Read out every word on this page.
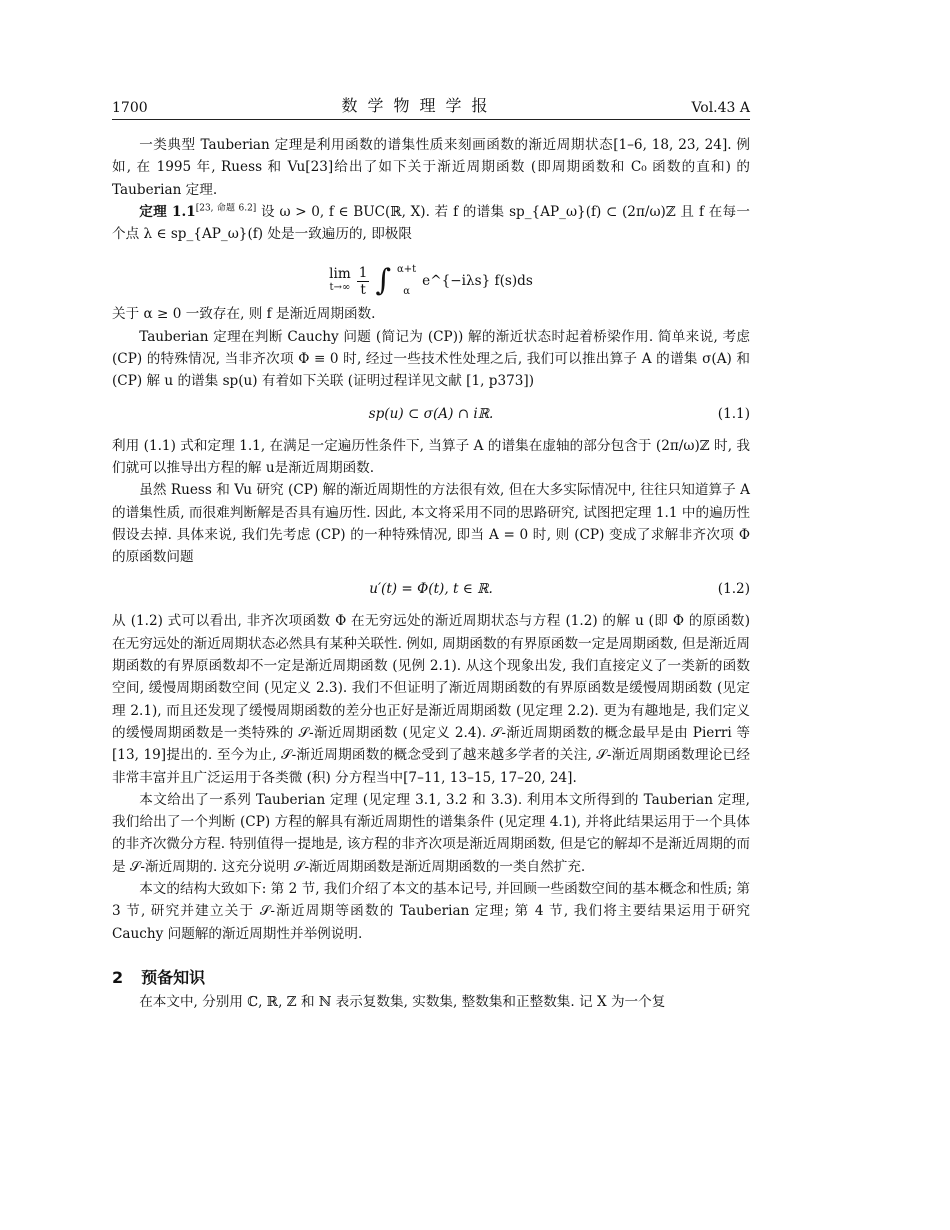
1700	数学物理学报	Vol.43 A

一类典型 Tauberian 定理是利用函数的谱集性质来刻画函数的渐近周期状态[1–6, 18, 23, 24]. 例如, 在 1995 年, Ruess 和 Vu[23]给出了如下关于渐近周期函数 (即周期函数和 C₀ 函数的直和) 的 Tauberian 定理.

定理 1.1[23, 命题 6.2] 设 ω > 0, f ∈ BUC(ℝ, X). 若 f 的谱集 sp_{AP_ω}(f) ⊂ (2π/ω)ℤ 且 f 在每一个点 λ ∈ sp_{AP_ω}(f) 处是一致遍历的, 即极限

lim
$t\to\infty \frac{1}{t}$ ∫ α+t
α
e^{−iλs} f(s)ds

关于 α ≥ 0 一致存在, 则 f 是渐近周期函数.

Tauberian 定理在判断 Cauchy 问题 (简记为 (CP)) 解的渐近状态时起着桥梁作用. 简单来说, 考虑 (CP) 的特殊情况, 当非齐次项 Φ ≡ 0 时, 经过一些技术性处理之后, 我们可以推出算子 A 的谱集 σ(A) 和 (CP) 解 u 的谱集 sp(u) 有着如下关联 (证明过程详见文献 [1, p373])

sp(u) ⊂ σ(A) ∩ iℝ.	(1.1)

利用 (1.1) 式和定理 1.1, 在满足一定遍历性条件下, 当算子 A 的谱集在虚轴的部分包含于 (2π/ω)ℤ 时, 我们就可以推导出方程的解 u是渐近周期函数.

虽然 Ruess 和 Vu 研究 (CP) 解的渐近周期性的方法很有效, 但在大多实际情况中, 往往只知道算子 A 的谱集性质, 而很难判断解是否具有遍历性. 因此, 本文将采用不同的思路研究, 试图把定理 1.1 中的遍历性假设去掉. 具体来说, 我们先考虑 (CP) 的一种特殊情况, 即当 A = 0 时, 则 (CP) 变成了求解非齐次项 Φ 的原函数问题

u′(t) = Φ(t), t ∈ ℝ.	(1.2)

从 (1.2) 式可以看出, 非齐次项函数 Φ 在无穷远处的渐近周期状态与方程 (1.2) 的解 u (即 Φ 的原函数) 在无穷远处的渐近周期状态必然具有某种关联性. 例如, 周期函数的有界原函数一定是周期函数, 但是渐近周期函数的有界原函数却不一定是渐近周期函数 (见例 2.1). 从这个现象出发, 我们直接定义了一类新的函数空间, 缓慢周期函数空间 (见定义 2.3). 我们不但证明了渐近周期函数的有界原函数是缓慢周期函数 (见定理 2.1), 而且还发现了缓慢周期函数的差分也正好是渐近周期函数 (见定理 2.2). 更为有趣地是, 我们定义的缓慢周期函数是一类特殊的 𝒮-渐近周期函数 (见定义 2.4). 𝒮-渐近周期函数的概念最早是由 Pierri 等[13, 19]提出的. 至今为止, 𝒮-渐近周期函数的概念受到了越来越多学者的关注, 𝒮-渐近周期函数理论已经非常丰富并且广泛运用于各类微 (积) 分方程当中[7–11, 13–15, 17–20, 24].

本文给出了一系列 Tauberian 定理 (见定理 3.1, 3.2 和 3.3). 利用本文所得到的 Tauberian 定理, 我们给出了一个判断 (CP) 方程的解具有渐近周期性的谱集条件 (见定理 4.1), 并将此结果运用于一个具体的非齐次微分方程. 特别值得一提地是, 该方程的非齐次项是渐近周期函数, 但是它的解却不是渐近周期的而是 𝒮-渐近周期的. 这充分说明 𝒮-渐近周期函数是渐近周期函数的一类自然扩充.

本文的结构大致如下: 第 2 节, 我们介绍了本文的基本记号, 并回顾一些函数空间的基本概念和性质; 第 3 节, 研究并建立关于 𝒮-渐近周期等函数的 Tauberian 定理; 第 4 节, 我们将主要结果运用于研究 Cauchy 问题解的渐近周期性并举例说明.

2 预备知识

在本文中, 分别用 ℂ, ℝ, ℤ 和 ℕ 表示复数集, 实数集, 整数集和正整数集. 记 X 为一个复
